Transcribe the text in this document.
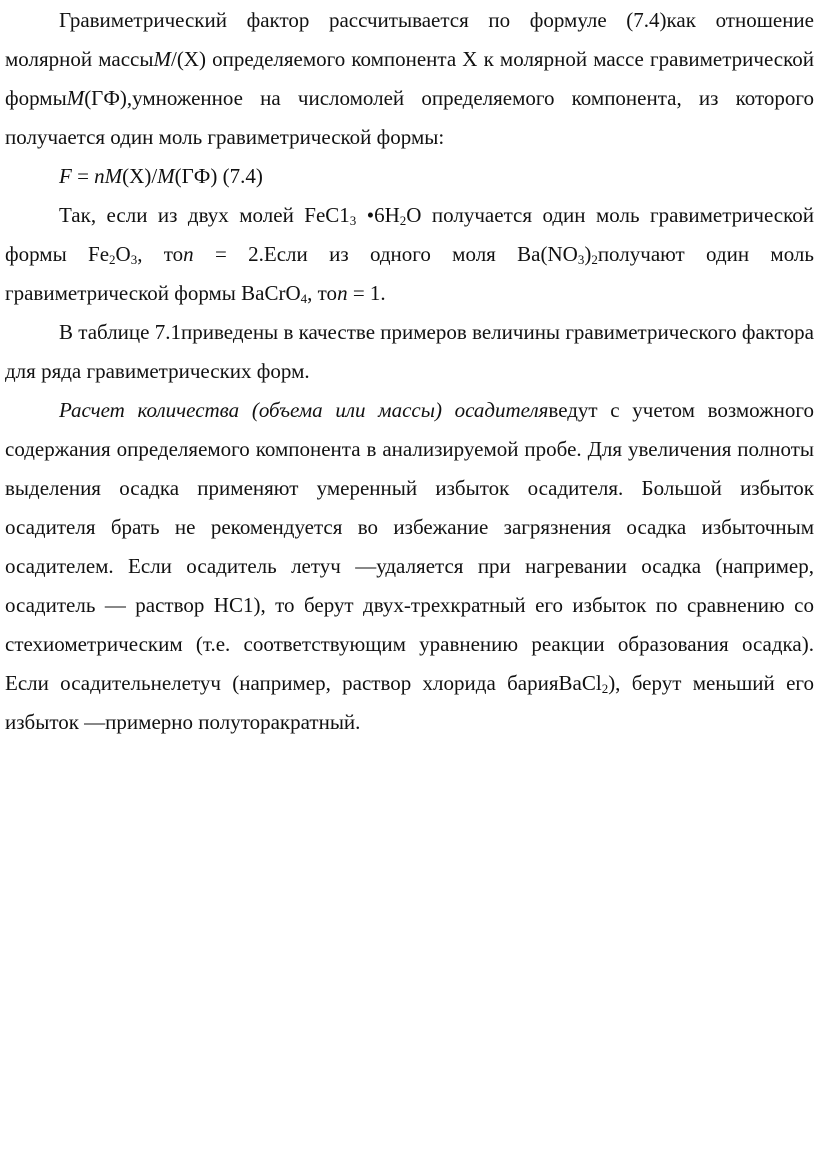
Гравиметрический фактор рассчитывается по формуле (7.4)как отношение молярной массыM/(X) определяемого компонента X к молярной массе гравиметрической формыM(ГФ),умноженное на числомолей определяемого компонента, из которого получается один моль гравиметрической формы:

F = nM(X)/M(ГФ) (7.4)

Так, если из двух молей $FeC1_3$ $•6H_2O$ получается один моль гравиметрической формы $Fe_2O_3$, тоn = 2.Если из одного моля $Ba(NO_3)_2получают$ один моль гравиметрической формы BaCrO$_4$, тоn = 1.

В таблице 7.1приведены в качестве примеров величины гравиметрического фактора для ряда гравиметрических форм.

Расчет количества (объема или массы) осадителяведут с учетом возможного содержания определяемого компонента в анализируемой пробе. Для увеличения полноты выделения осадка применяют умеренный избыток осадителя. Большой избыток осадителя брать не рекомендуется во избежание загрязнения осадка избыточным осадителем. Если осадитель летуч —удаляется при нагревании осадка (например, осадитель — раствор НС1), то берут двух-трехкратный его избыток по сравнению со стехиометрическим (т.е. соответствующим уравнению реакции образования осадка). Если осадительнелетуч (например, раствор хлорида барияBaCl$_2$), берут меньший его избыток —примерно полуторакратный.
